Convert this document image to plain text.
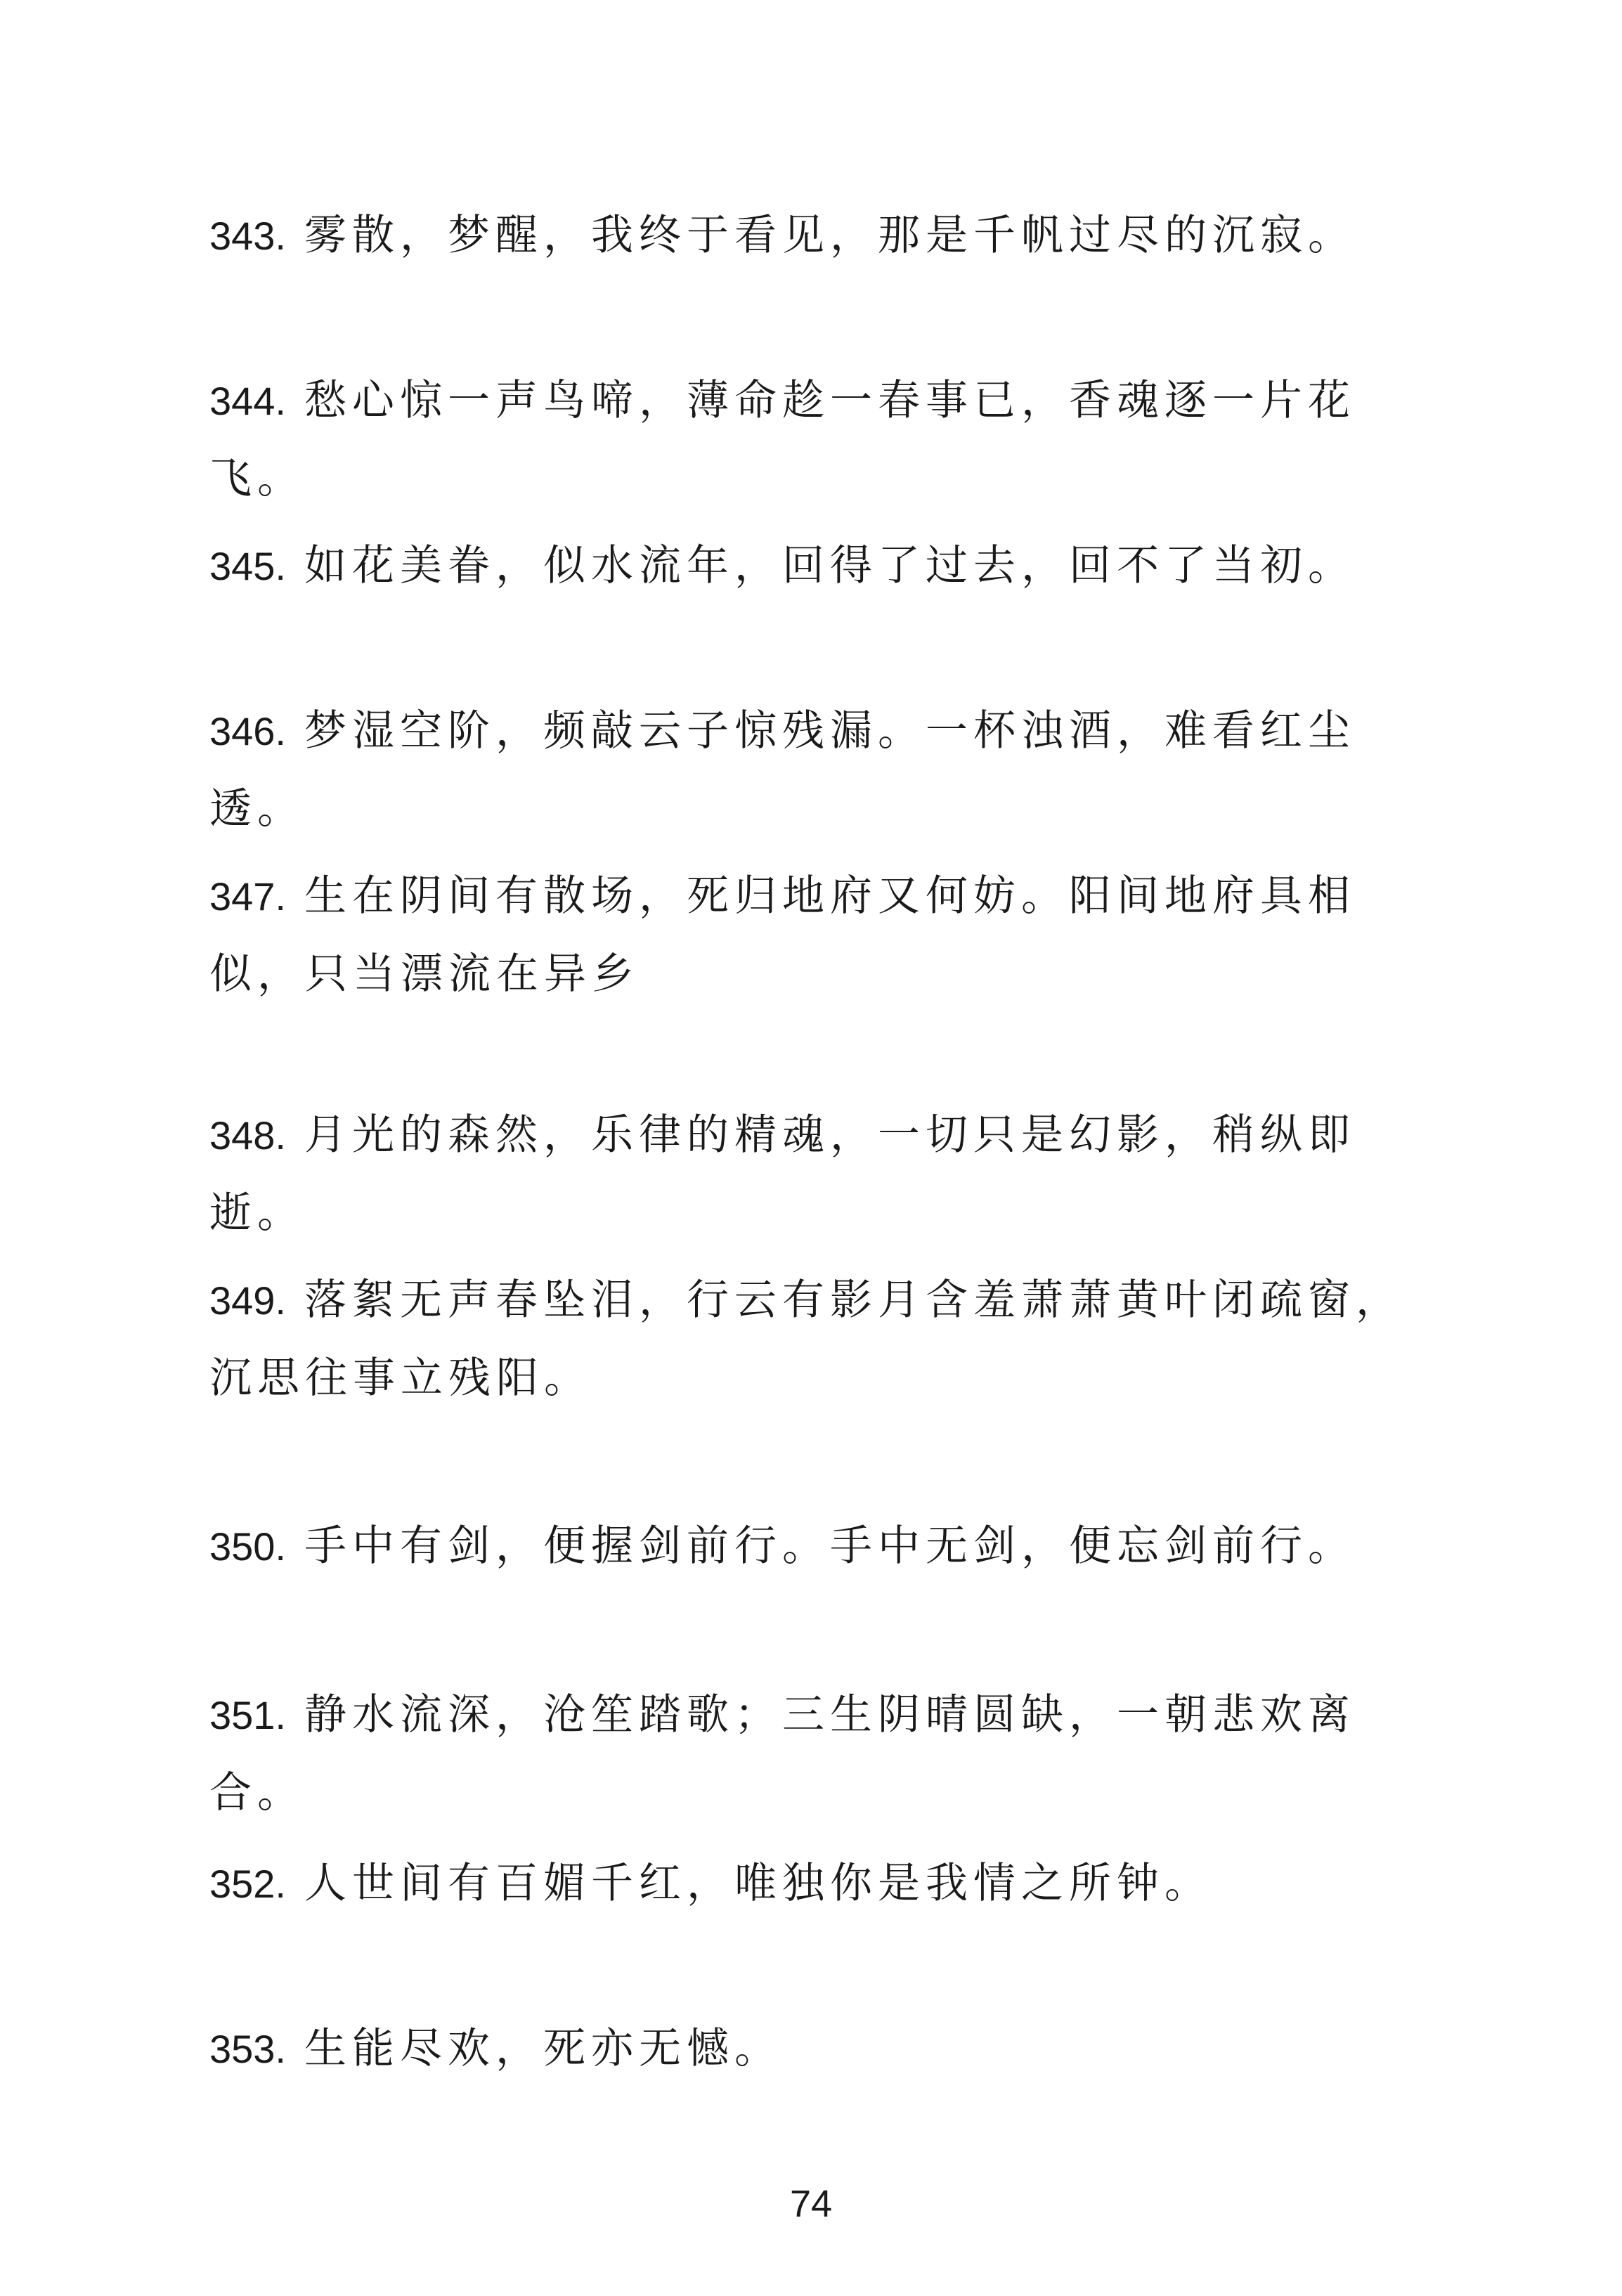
343. 雾散，梦醒，我终于看见，那是千帆过尽的沉寂。
344. 愁心惊一声鸟啼，薄命趁一春事已，香魂逐一片花飞。
345. 如花美眷，似水流年，回得了过去，回不了当初。
346. 梦湿空阶，频敲云子惊残漏。一杯浊酒，难看红尘透。
347. 生在阴间有散场，死归地府又何妨。阳间地府具相似，只当漂流在异乡
348. 月光的森然，乐律的精魂，一切只是幻影，稍纵即逝。
349. 落絮无声春坠泪，行云有影月含羞萧萧黄叶闭疏窗，沉思往事立残阳。
350. 手中有剑，便握剑前行。手中无剑，便忘剑前行。
351. 静水流深，沧笙踏歌；三生阴晴圆缺，一朝悲欢离合。
352. 人世间有百媚千红，唯独你是我情之所钟。
353. 生能尽欢，死亦无憾。
74
